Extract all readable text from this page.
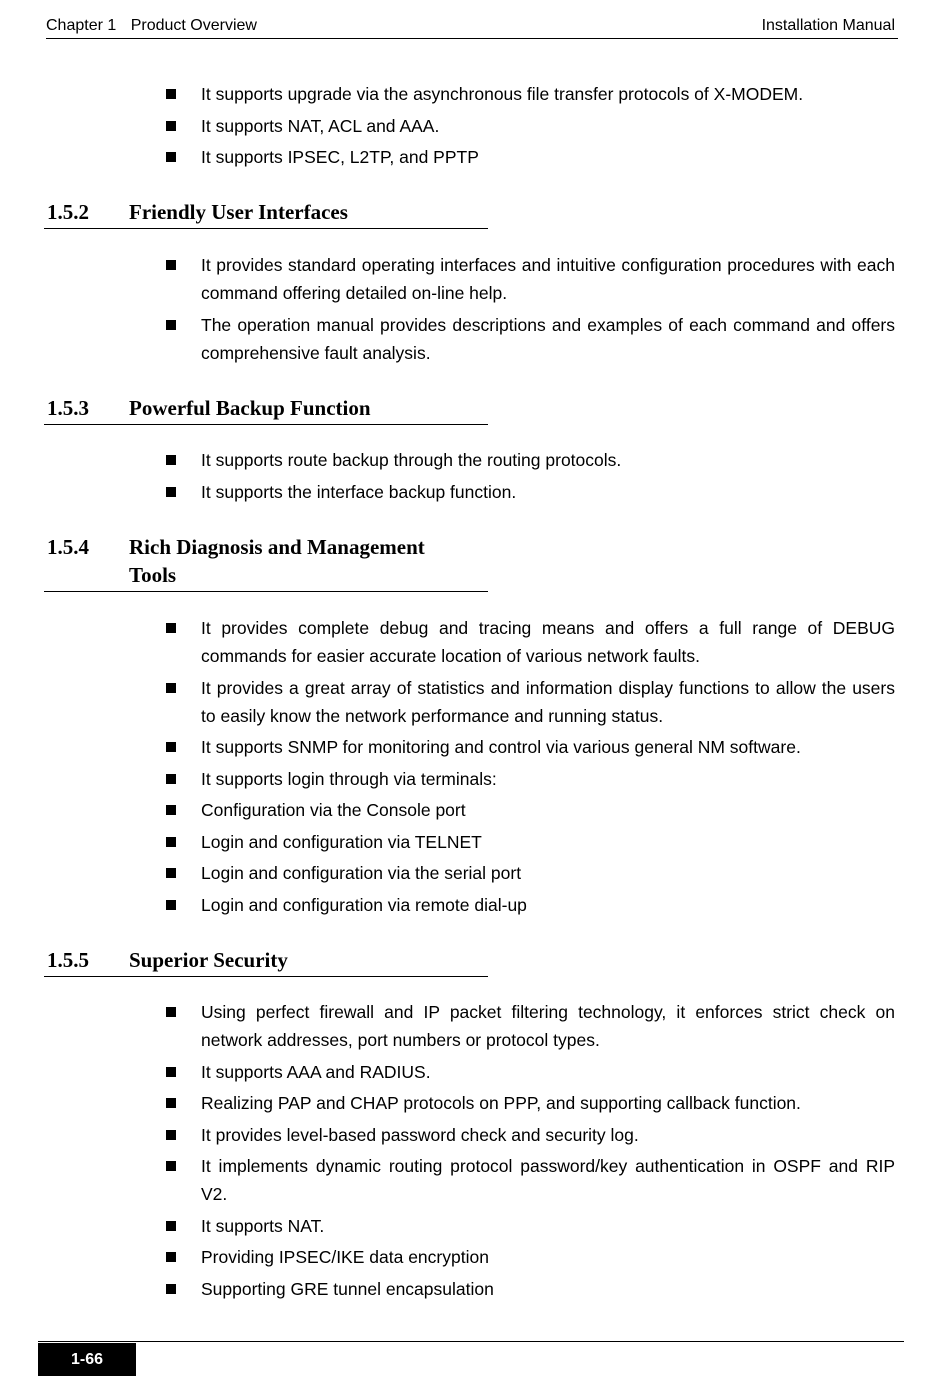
Chapter 1 Product Overview	Installation Manual
It supports upgrade via the asynchronous file transfer protocols of X-MODEM.
It supports NAT, ACL and AAA.
It supports IPSEC, L2TP, and PPTP
1.5.2 Friendly User Interfaces
It provides standard operating interfaces and intuitive configuration procedures with each command offering detailed on-line help.
The operation manual provides descriptions and examples of each command and offers comprehensive fault analysis.
1.5.3 Powerful Backup Function
It supports route backup through the routing protocols.
It supports the interface backup function.
1.5.4 Rich Diagnosis and Management Tools
It provides complete debug and tracing means and offers a full range of DEBUG commands for easier accurate location of various network faults.
It provides a great array of statistics and information display functions to allow the users to easily know the network performance and running status.
It supports SNMP for monitoring and control via various general NM software.
It supports login through via terminals:
Configuration via the Console port
Login and configuration via TELNET
Login and configuration via the serial port
Login and configuration via remote dial-up
1.5.5 Superior Security
Using perfect firewall and IP packet filtering technology, it enforces strict check on network addresses, port numbers or protocol types.
It supports AAA and RADIUS.
Realizing PAP and CHAP protocols on PPP, and supporting callback function.
It provides level-based password check and security log.
It implements dynamic routing protocol password/key authentication in OSPF and RIP V2.
It supports NAT.
Providing IPSEC/IKE data encryption
Supporting GRE tunnel encapsulation
1-66
